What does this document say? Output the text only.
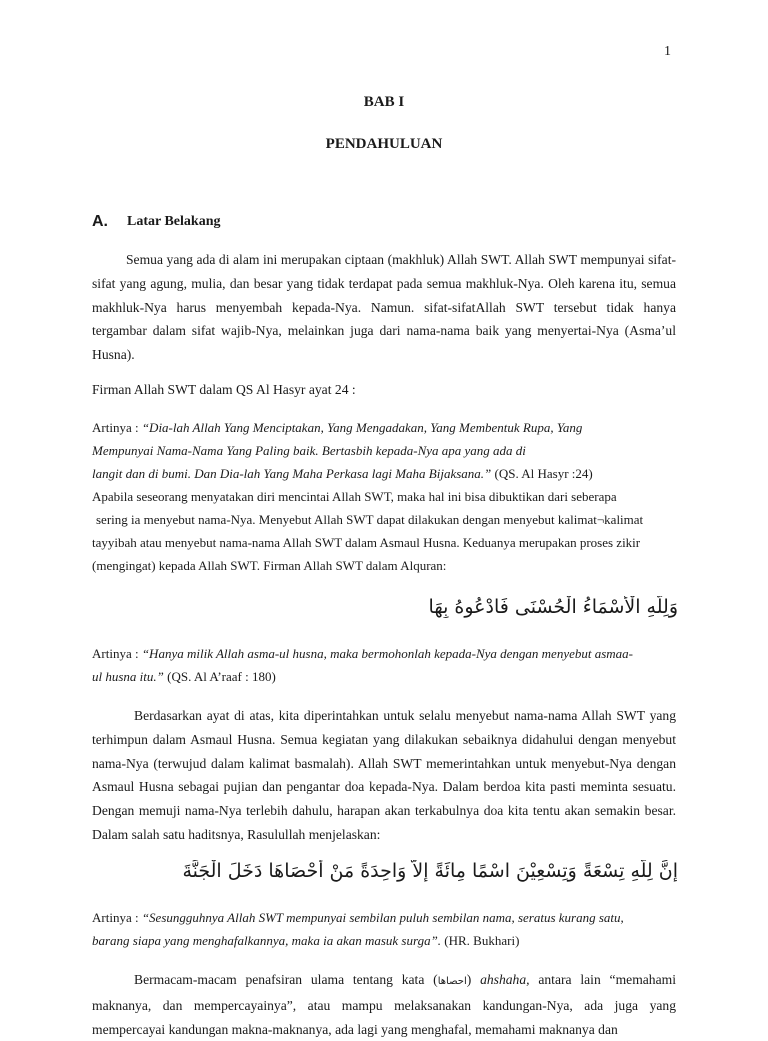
1
BAB I
PENDAHULUAN
A. Latar Belakang

Semua yang ada di alam ini merupakan ciptaan (makhluk) Allah SWT. Allah SWT mempunyai sifat-sifat yang agung, mulia, dan besar yang tidak terdapat pada semua makhluk-Nya. Oleh karena itu, semua makhluk-Nya harus menyembah kepada-Nya. Namun. sifat-sifatAllah SWT tersebut tidak hanya tergambar dalam sifat wajib-Nya, melainkan juga dari nama-nama baik yang menyertai-Nya (Asma’ul Husna).

Firman Allah SWT dalam QS Al Hasyr ayat 24 :

Artinya : “Dia-lah Allah Yang Menciptakan, Yang Mengadakan, Yang Membentuk Rupa, Yang
Mempunyai Nama-Nama Yang Paling baik. Bertasbih kepada-Nya apa yang ada di
langit dan di bumi. Dan Dia-lah Yang Maha Perkasa lagi Maha Bijaksana.” (QS. Al Hasyr :24)
Apabila seseorang menyatakan diri mencintai Allah SWT, maka hal ini bisa dibuktikan dari seberapa
sering ia menyebut nama-Nya. Menyebut Allah SWT dapat dilakukan dengan menyebut kalimat¬kalimat
tayyibah atau menyebut nama-nama Allah SWT dalam Asmaul Husna. Keduanya merupakan proses zikir
(mengingat) kepada Allah SWT. Firman Allah SWT dalam Alquran:
وَلِلَّهِ الْأَسْمَاءُ الْحُسْنَى فَادْعُوهُ بِهَا
Artinya : “Hanya milik Allah asma-ul husna, maka bermohonlah kepada-Nya dengan menyebut asmaa-
ul husna itu.” (QS. Al A’raaf : 180)

Berdasarkan ayat di atas, kita diperintahkan untuk selalu menyebut nama-nama Allah SWT yang terhimpun dalam Asmaul Husna. Semua kegiatan yang dilakukan sebaiknya didahului dengan menyebut nama-Nya (terwujud dalam kalimat basmalah). Allah SWT memerintahkan untuk menyebut-Nya dengan Asmaul Husna sebagai pujian dan pengantar doa kepada-Nya. Dalam berdoa kita pasti meminta sesuatu. Dengan memuji nama-Nya terlebih dahulu, harapan akan terkabulnya doa kita tentu akan semakin besar. Dalam salah satu haditsnya, Rasulullah menjelaskan:

إِنَّ لِلَّهِ تِسْعَةً وَتِسْعِيْنَ اسْمًا مِائَةً إِلاَّ وَاحِدَةً مَنْ أَحْصَاهَا دَخَلَ الْجَنَّةَ
Artinya : “Sesungguhnya Allah SWT mempunyai sembilan puluh sembilan nama, seratus kurang satu,
barang siapa yang menghafalkannya, maka ia akan masuk surga”. (HR. Bukhari)

Bermacam-macam penafsiran ulama tentang kata (احصاها) ahshaha, antara lain “memahami maknanya, dan mempercayainya”, atau mampu melaksanakan kandungan-Nya, ada juga yang mempercayai kandungan makna-maknanya, ada lagi yang menghafal, memahami maknanya dan
